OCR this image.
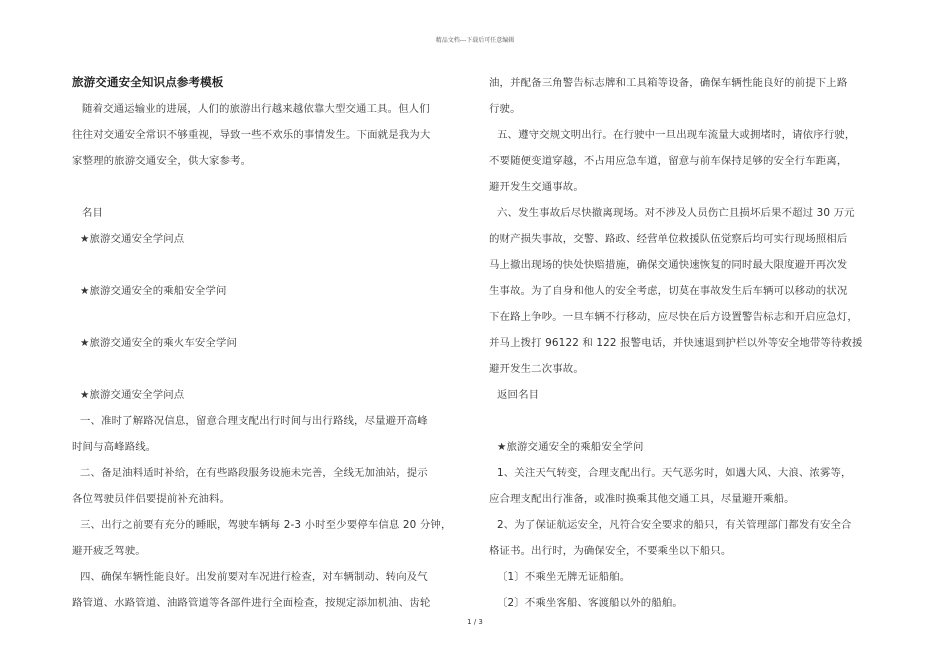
精品文档---下载后可任意编辑
旅游交通安全知识点参考模板
随着交通运输业的进展，人们的旅游出行越来越依靠大型交通工具。但人们
往往对交通安全常识不够重视，导致一些不欢乐的事情发生。下面就是我为大
家整理的旅游交通安全，供大家参考。
名目
★旅游交通安全学问点
★旅游交通安全的乘船安全学问
★旅游交通安全的乘火车安全学问
★旅游交通安全学问点
一、准时了解路况信息，留意合理支配出行时间与出行路线，尽量避开高峰
时间与高峰路线。
二、备足油料适时补给，在有些路段服务设施未完善，全线无加油站，提示
各位驾驶员伴侣要提前补充油料。
三、出行之前要有充分的睡眠，驾驶车辆每 2-3 小时至少要停车信息 20 分钟，
避开疲乏驾驶。
四、确保车辆性能良好。出发前要对车况进行检查，对车辆制动、转向及气
路管道、水路管道、油路管道等各部件进行全面检查，按规定添加机油、齿轮
油，并配备三角警告标志牌和工具箱等设备，确保车辆性能良好的前提下上路
行驶。
五、遵守交规文明出行。在行驶中一旦出现车流量大或拥堵时，请依序行驶，
不要随便变道穿越，不占用应急车道，留意与前车保持足够的安全行车距离，
避开发生交通事故。
六、发生事故后尽快撤离现场。对不涉及人员伤亡且损坏后果不超过 30 万元
的财产损失事故，交警、路政、经营单位救援队伍觉察后均可实行现场照相后
马上撤出现场的快处快赔措施，确保交通快速恢复的同时最大限度避开再次发
生事故。为了自身和他人的安全考虑，切莫在事故发生后车辆可以移动的状况
下在路上争吵。一旦车辆不行移动，应尽快在后方设置警告标志和开启应急灯，
并马上拨打 96122 和 122 报警电话，并快速退到护栏以外等安全地带等待救援
避开发生二次事故。
返回名目
★旅游交通安全的乘船安全学问
1、关注天气转变，合理支配出行。天气恶劣时，如遇大风、大浪、浓雾等，
应合理支配出行准备，或准时换乘其他交通工具，尽量避开乘船。
2、为了保证航运安全，凡符合安全要求的船只，有关管理部门都发有安全合
格证书。出行时，为确保安全，不要乘坐以下船只。
〔1〕不乘坐无牌无证船舶。
〔2〕不乘坐客船、客渡船以外的船舶。
1 / 3
